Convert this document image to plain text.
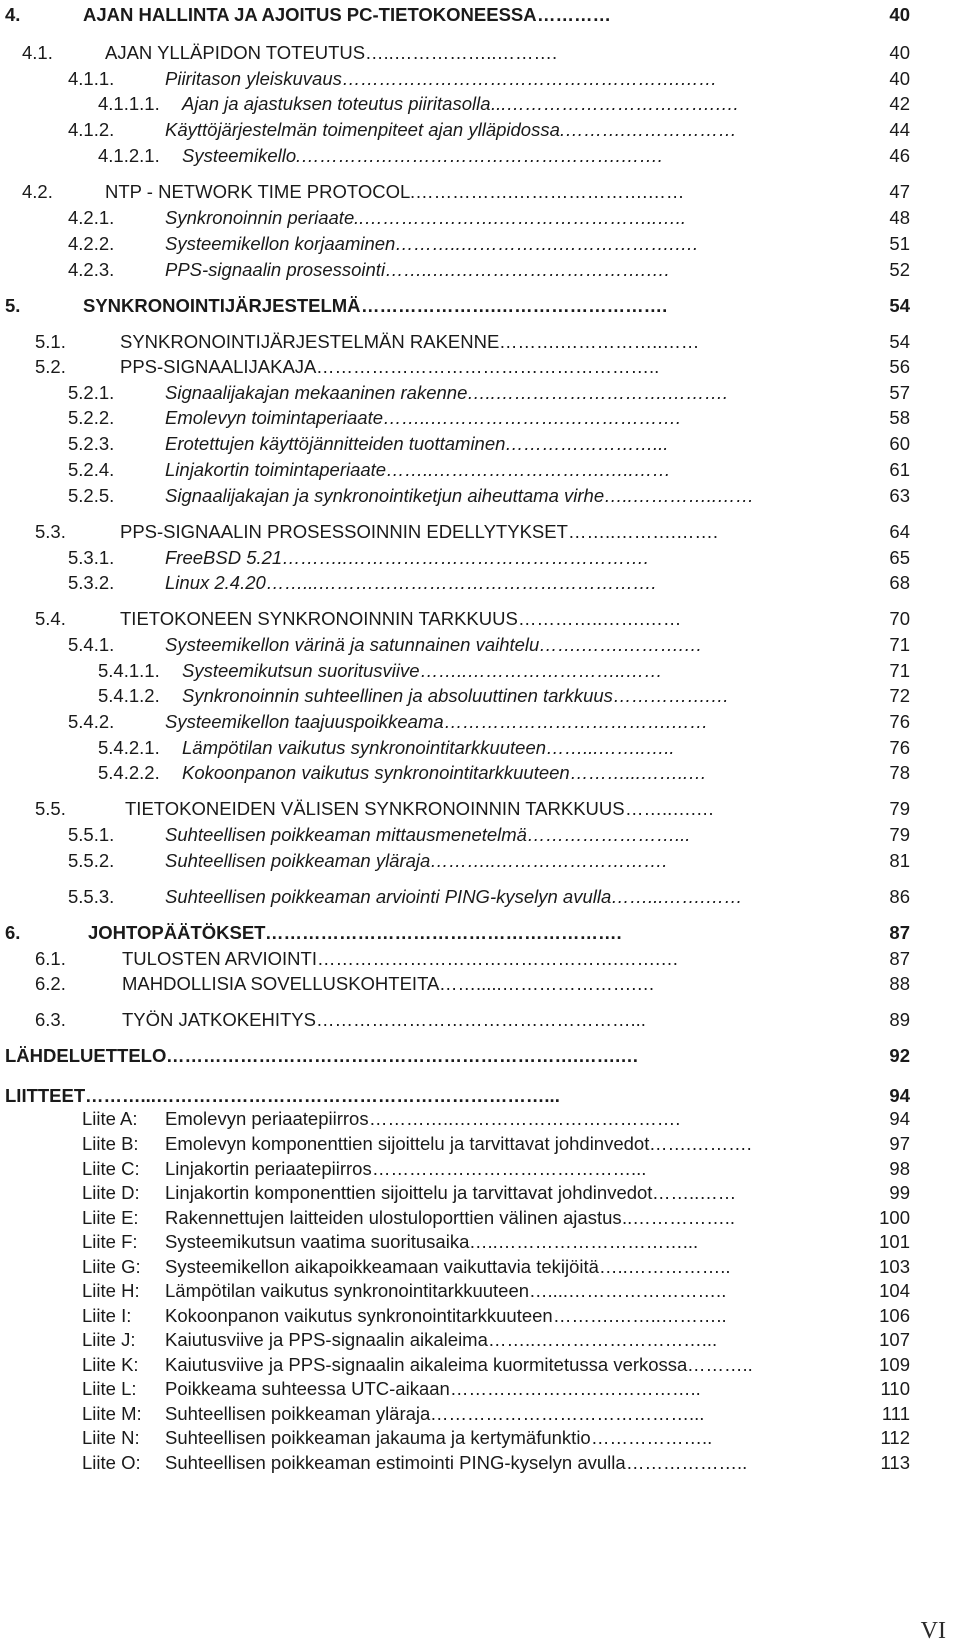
4.	AJAN HALLINTA JA AJOITUS PC-TIETOKONEESSA …………	40
4.1.	AJAN YLLÄPIDON TOTEUTUS …..……………..……….	40
4.1.1.	Piiritason yleiskuvaus ……………………………………………….……	40
4.1.1.1. Ajan ja ajastuksen toteutus piiritasolla ...…………………………….….	42
4.1.2.	Käyttöjärjestelmän toimenpiteet ajan ylläpidossa .……….………………	44
4.1.2.1. Systeemikello .…………………………………………….…….	46
4.2.	NTP - NETWORK TIME PROTOCOL .…………….………………….……	47
4.2.1.	Synkronoinnin periaate ..………………….……………………..…..	48
4.2.2.	Systeemikellon korjaaminen ………..…………….……………….….	51
4.2.3.	PPS-signaalin prosessointi ……..….………………………….….	52
5.	SYNKRONOINTIJÄRJESTELMÄ ………………….……………………….	54
5.1.	SYNKRONOINTIJÄRJESTELMÄN RAKENNE ……….……………..……	54
5.2.	PPS-SIGNAALIJAKAJA ………………………………………………..	56
5.2.1.	Signaalijakajan mekaaninen rakenne …..……………………….……….	57
5.2.2.	Emolevyn toimintaperiaate ……..………………….……………….	58
5.2.3.	Erotettujen käyttöjännitteiden tuottaminen ……………………...	60
5.2.4.	Linjakortin toimintaperiaate ……..……………………….…..……	61
5.2.5.	Signaalijakajan ja synkronointiketjun aiheuttama virhe …..…………..……	63
5.3.	PPS-SIGNAALIN PROSESSOINNIN EDELLYTYKSET ……..……….…….	64
5.3.1.	FreeBSD 5.21 ………..………………………………………….	65
5.3.2.	Linux 2.4.20 ……...……………………………………………….	68
5.4.	TIETOKONEEN SYNKRONOINNIN TARKKUUS …………..…….……	70
5.4.1.	Systeemikellon värinä ja satunnainen vaihtelu …….…….……….…	71
5.4.1.1. Systeemikutsun suoritusviive ……..……………………..……	71
5.4.1.2. Synkronoinnin suhteellinen ja absoluuttinen tarkkuus …………….…	72
5.4.2.	Systeemikellon taajuuspoikkeama ……………………………….……	76
5.4.2.1. Lämpötilan vaikutus synkronointitarkkuuteen ……...……..…..	76
5.4.2.2. Kokoonpanon vaikutus synkronointitarkkuuteen ………...……..…	78
5.5.	TIETOKONEIDEN VÄLISEN SYNKRONOINNIN TARKKUUS ……..….…	79
5.5.1.	Suhteellisen poikkeaman mittausmenetelmä ……………………...	79
5.5.2.	Suhteellisen poikkeaman yläraja ………..……………………….	81
5.5.3.	Suhteellisen poikkeaman arviointi PING-kyselyn avulla ……...…….……	86
6.	JOHTOPÄÄTÖKSET ………………………………………………….	87
6.1.	TULOSTEN ARVIOINTI ………………………………………….…….…	87
6.2.	MAHDOLLISIA SOVELLUSKOHTEITA …….....………………….…	88
6.3.	TYÖN JATKOKEHITYS ……………………………………………...	89
LÄHDELUETTELO ………………………………………………………….…….…	92
LIITTEET ………...………………………………………………………...	94
Liite A: Emolevyn periaatepiirros …………..……………………………….	94
Liite B: Emolevyn komponenttien sijoittelu ja tarvittavat johdinvedot …….……….	97
Liite C: Linjakortin periaatepiirros ……………………………………...	98
Liite D: Linjakortin komponenttien sijoittelu ja tarvittavat johdinvedot ……..……	99
Liite E: Rakennettujen laitteiden ulostuloporttien välinen ajastus ..……………..	100
Liite F: Systeemikutsun vaatima suoritusaika …..…………………………...	101
Liite G: Systeemikellon aikapoikkeamaan vaikuttavia tekijöitä …..……………..	103
Liite H: Lämpötilan vaikutus synkronointitarkkuuteen …....……………………..	104
Liite I: Kokoonpanon vaikutus synkronointitarkkuuteen ……….……..………..	106
Liite J: Kaiutusviive ja PPS-signaalin aikaleima ……..………………………...	107
Liite K: Kaiutusviive ja PPS-signaalin aikaleima kuormitetussa verkossa ………..	109
Liite L: Poikkeama suhteessa UTC-aikaan …………………………………..	110
Liite M: Suhteellisen poikkeaman yläraja ……………………………………...	111
Liite N: Suhteellisen poikkeaman jakauma ja kertymäfunktio ………………..	112
Liite O: Suhteellisen poikkeaman estimointi PING-kyselyn avulla ………………..	113
VI
